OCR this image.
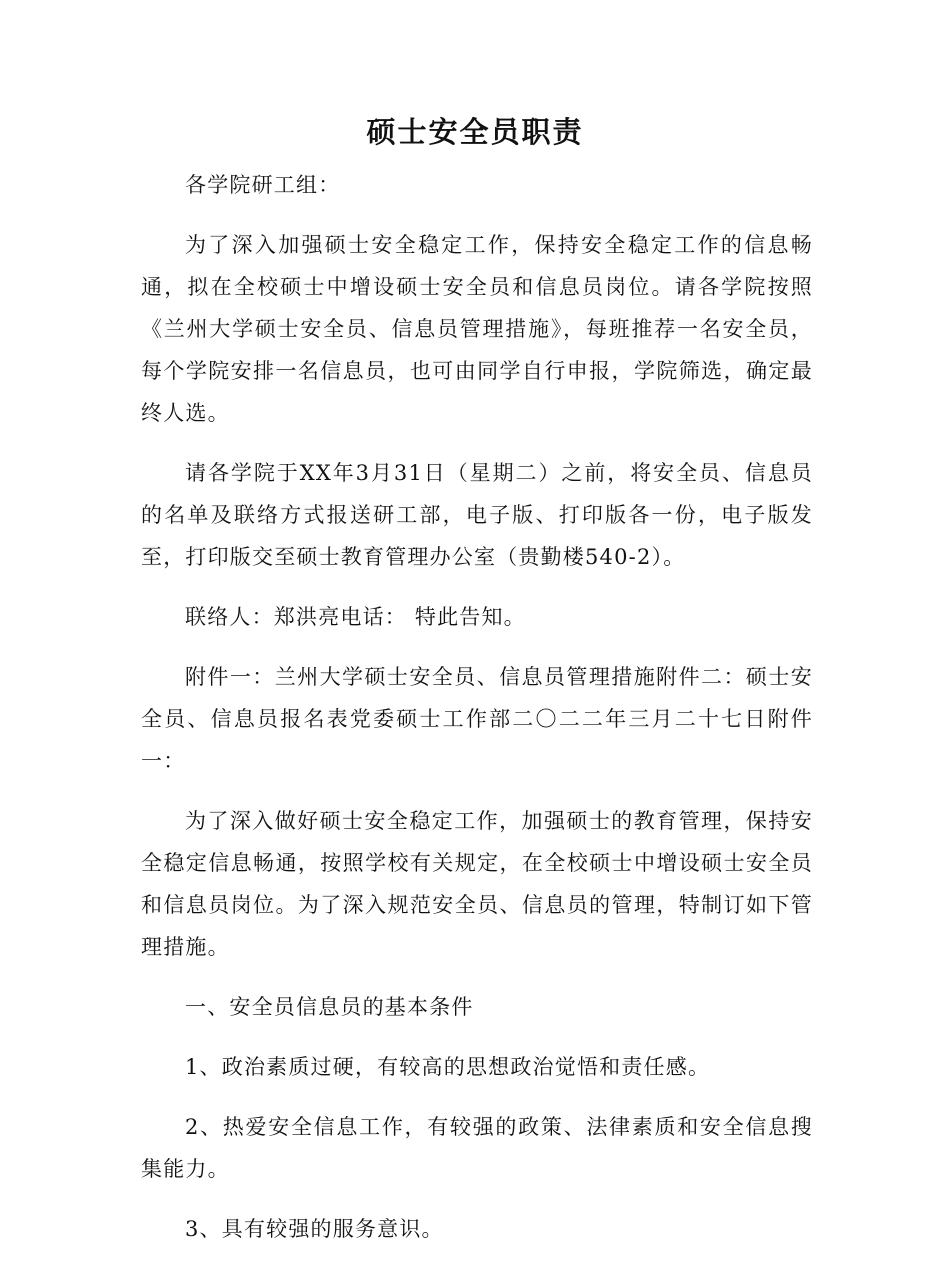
硕士安全员职责

各学院研工组：

为了深入加强硕士安全稳定工作，保持安全稳定工作的信息畅通，拟在全校硕士中增设硕士安全员和信息员岗位。请各学院按照《兰州大学硕士安全员、信息员管理措施》，每班推荐一名安全员，每个学院安排一名信息员，也可由同学自行申报，学院筛选，确定最终人选。

请各学院于XX年3月31日（星期二）之前，将安全员、信息员的名单及联络方式报送研工部，电子版、打印版各一份，电子版发至，打印版交至硕士教育管理办公室（贵勤楼540-2）。

联络人：郑洪亮电话： 特此告知。

附件一：兰州大学硕士安全员、信息员管理措施附件二：硕士安全员、信息员报名表党委硕士工作部二〇二二年三月二十七日附件一：

为了深入做好硕士安全稳定工作，加强硕士的教育管理，保持安全稳定信息畅通，按照学校有关规定，在全校硕士中增设硕士安全员和信息员岗位。为了深入规范安全员、信息员的管理，特制订如下管理措施。

一、安全员信息员的基本条件

1、政治素质过硬，有较高的思想政治觉悟和责任感。

2、热爱安全信息工作，有较强的政策、法律素质和安全信息搜集能力。

3、具有较强的服务意识。
